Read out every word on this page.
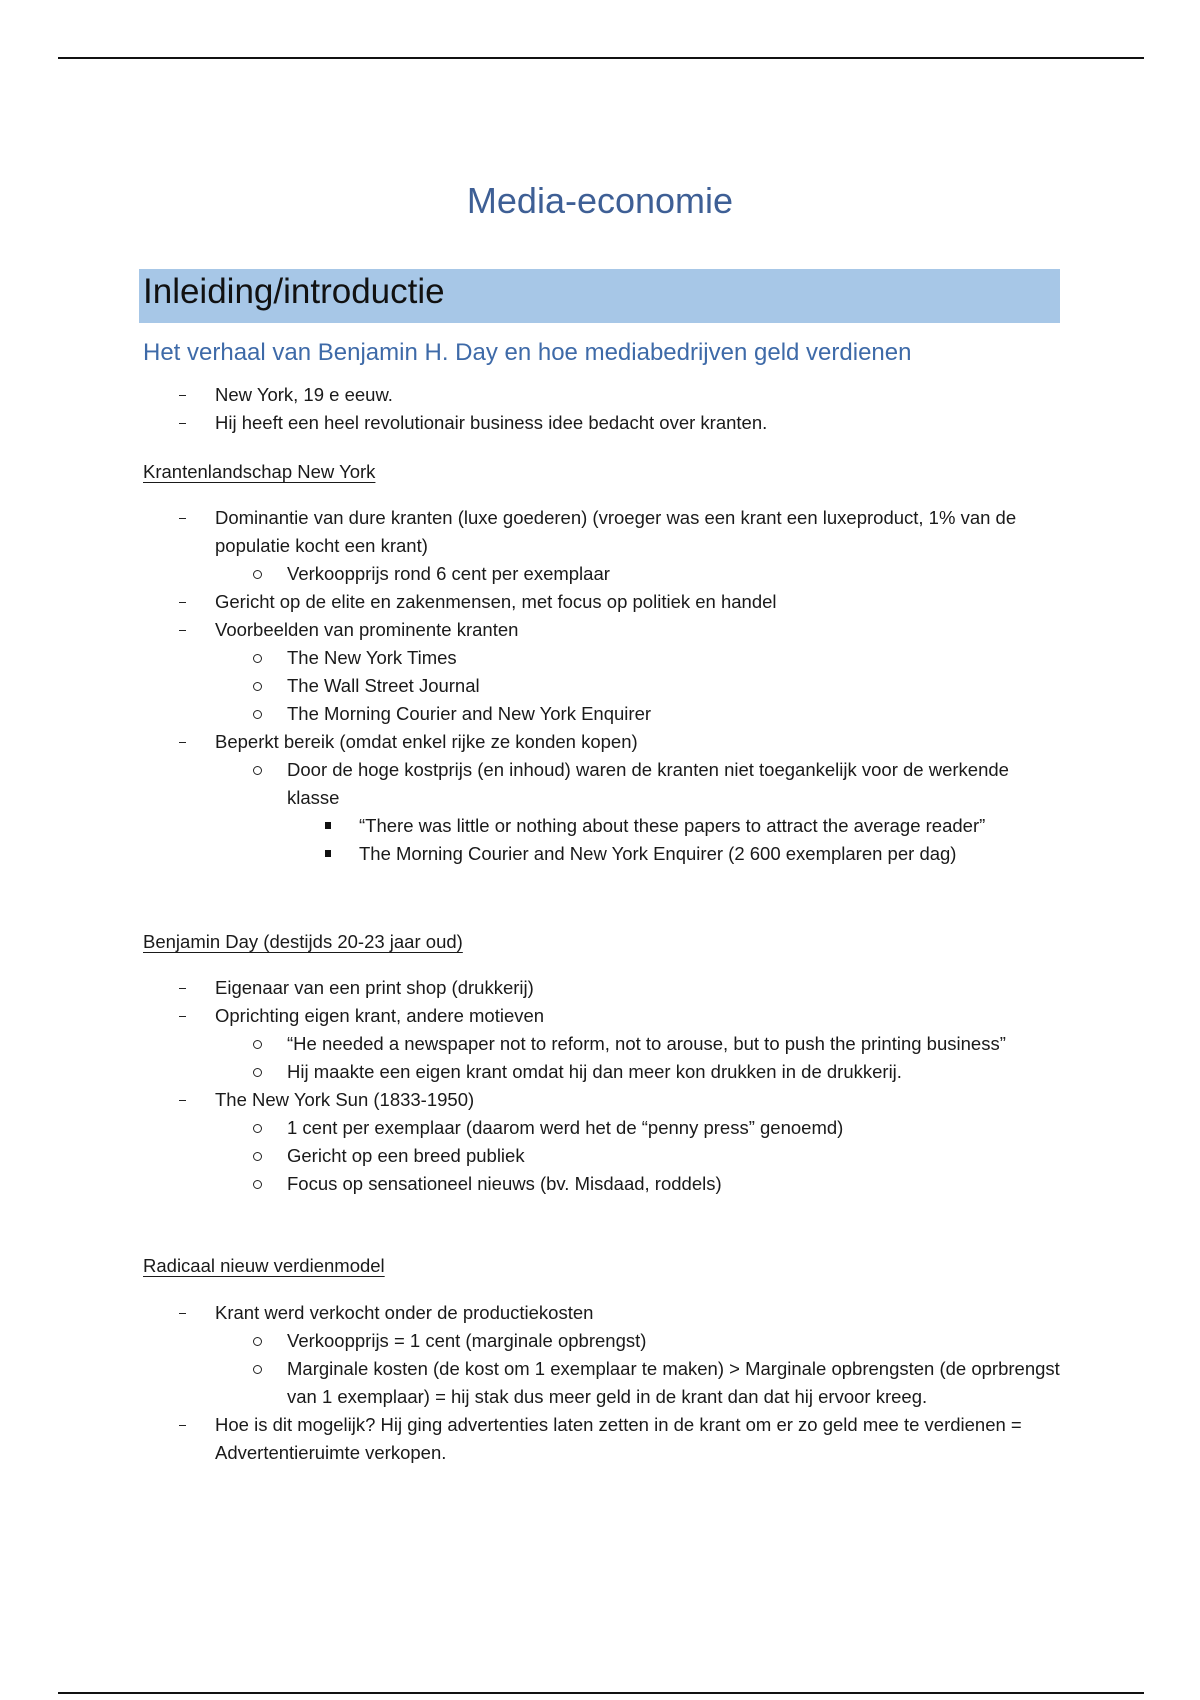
Media-economie
Inleiding/introductie
Het verhaal van Benjamin H. Day en hoe mediabedrijven geld verdienen
New York, 19 e eeuw.
Hij heeft een heel revolutionair business idee bedacht over kranten.

Krantenlandschap New York

Dominantie van dure kranten (luxe goederen) (vroeger was een krant een luxeproduct, 1% van de populatie kocht een krant)
Verkoopprijs rond 6 cent per exemplaar
Gericht op de elite en zakenmensen, met focus op politiek en handel
Voorbeelden van prominente kranten
The New York Times
The Wall Street Journal
The Morning Courier and New York Enquirer
Beperkt bereik (omdat enkel rijke ze konden kopen)
Door de hoge kostprijs (en inhoud) waren de kranten niet toegankelijk voor de werkende klasse
“There was little or nothing about these papers to attract the average reader”
The Morning Courier and New York Enquirer (2 600 exemplaren per dag)

Benjamin Day (destijds 20-23 jaar oud)

Eigenaar van een print shop (drukkerij)
Oprichting eigen krant, andere motieven
“He needed a newspaper not to reform, not to arouse, but to push the printing business”
Hij maakte een eigen krant omdat hij dan meer kon drukken in de drukkerij.
The New York Sun (1833-1950)
1 cent per exemplaar (daarom werd het de “penny press” genoemd)
Gericht op een breed publiek
Focus op sensationeel nieuws (bv. Misdaad, roddels)

Radicaal nieuw verdienmodel

Krant werd verkocht onder de productiekosten
Verkoopprijs = 1 cent (marginale opbrengst)
Marginale kosten (de kost om 1 exemplaar te maken) > Marginale opbrengsten (de oprbrengst van 1 exemplaar) = hij stak dus meer geld in de krant dan dat hij ervoor kreeg.
Hoe is dit mogelijk? Hij ging advertenties laten zetten in de krant om er zo geld mee te verdienen = Advertentieruimte verkopen.
